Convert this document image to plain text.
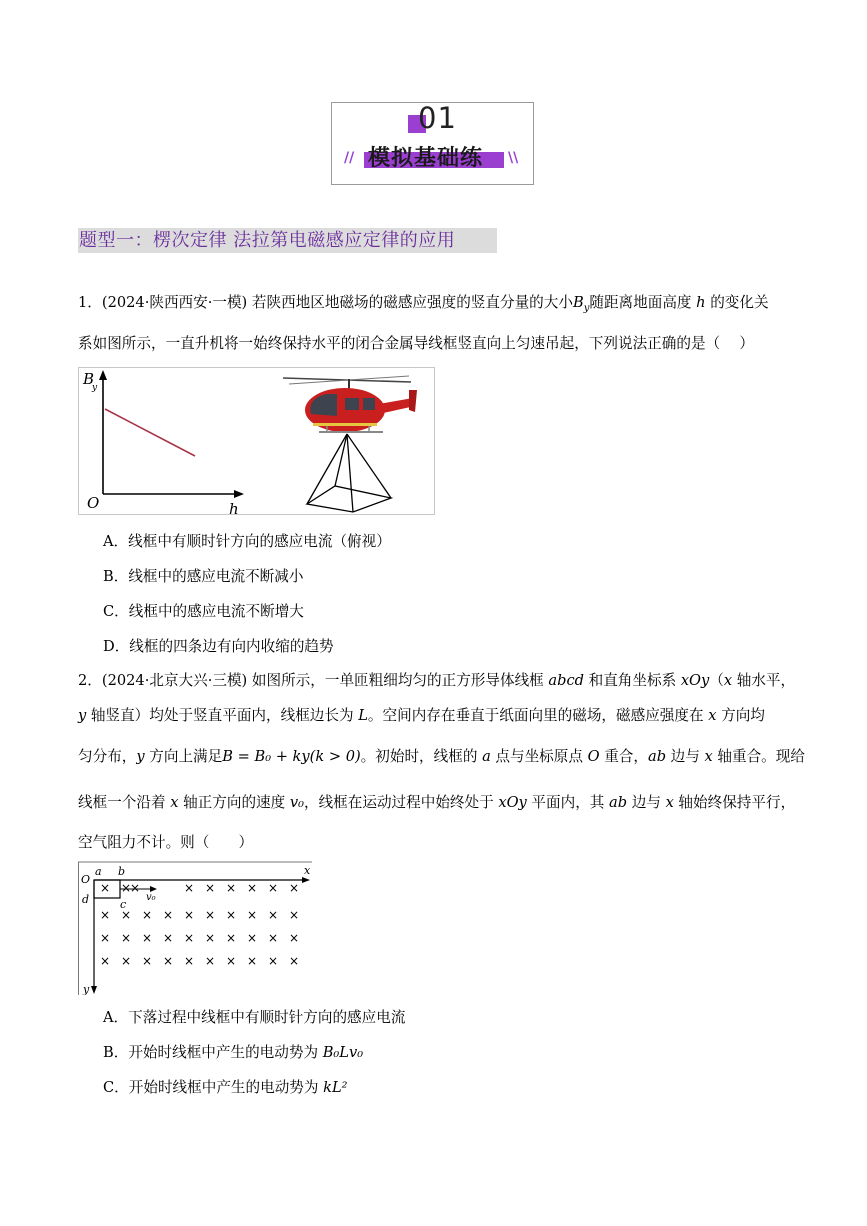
01
模拟基础练
//	\\
题型一：楞次定律 法拉第电磁感应定律的应用
1．(2024·陕西西安·一模) 若陕西地区地磁场的磁感应强度的竖直分量的大小$B_y$随距离地面高度 h 的变化关
系如图所示，一直升机将一始终保持水平的闭合金属导线框竖直向上匀速吊起，下列说法正确的是（　 ）
B
y
O	h
A．线框中有顺时针方向的感应电流（俯视）
B．线框中的感应电流不断减小
C．线框中的感应电流不断增大
D．线框的四条边有向内收缩的趋势
2．(2024·北京大兴·三模) 如图所示，一单匝粗细均匀的正方形导体线框 abcd 和直角坐标系 xOy（x 轴水平，
y 轴竖直）均处于竖直平面内，线框边长为 L。空间内存在垂直于纸面向里的磁场，磁感应强度在 x 方向均
匀分布，y 方向上满足B = B₀ + ky(k > 0)。初始时，线框的 a 点与坐标原点 O 重合，ab 边与 x 轴重合。现给
线框一个沿着 x 轴正方向的速度 v₀，线框在运动过程中始终处于 xOy 平面内，其 ab 边与 x 轴始终保持平行，
空气阻力不计。则（　　）
× ×	× × × × × ×
× × × × × × × × × ×
× × × × × × × × × ×
× × × × × × × × × ×
×
O
a b
c
d
x
y
v₀
A．下落过程中线框中有顺时针方向的感应电流
B．开始时线框中产生的电动势为 B₀Lv₀
C．开始时线框中产生的电动势为 kL²
